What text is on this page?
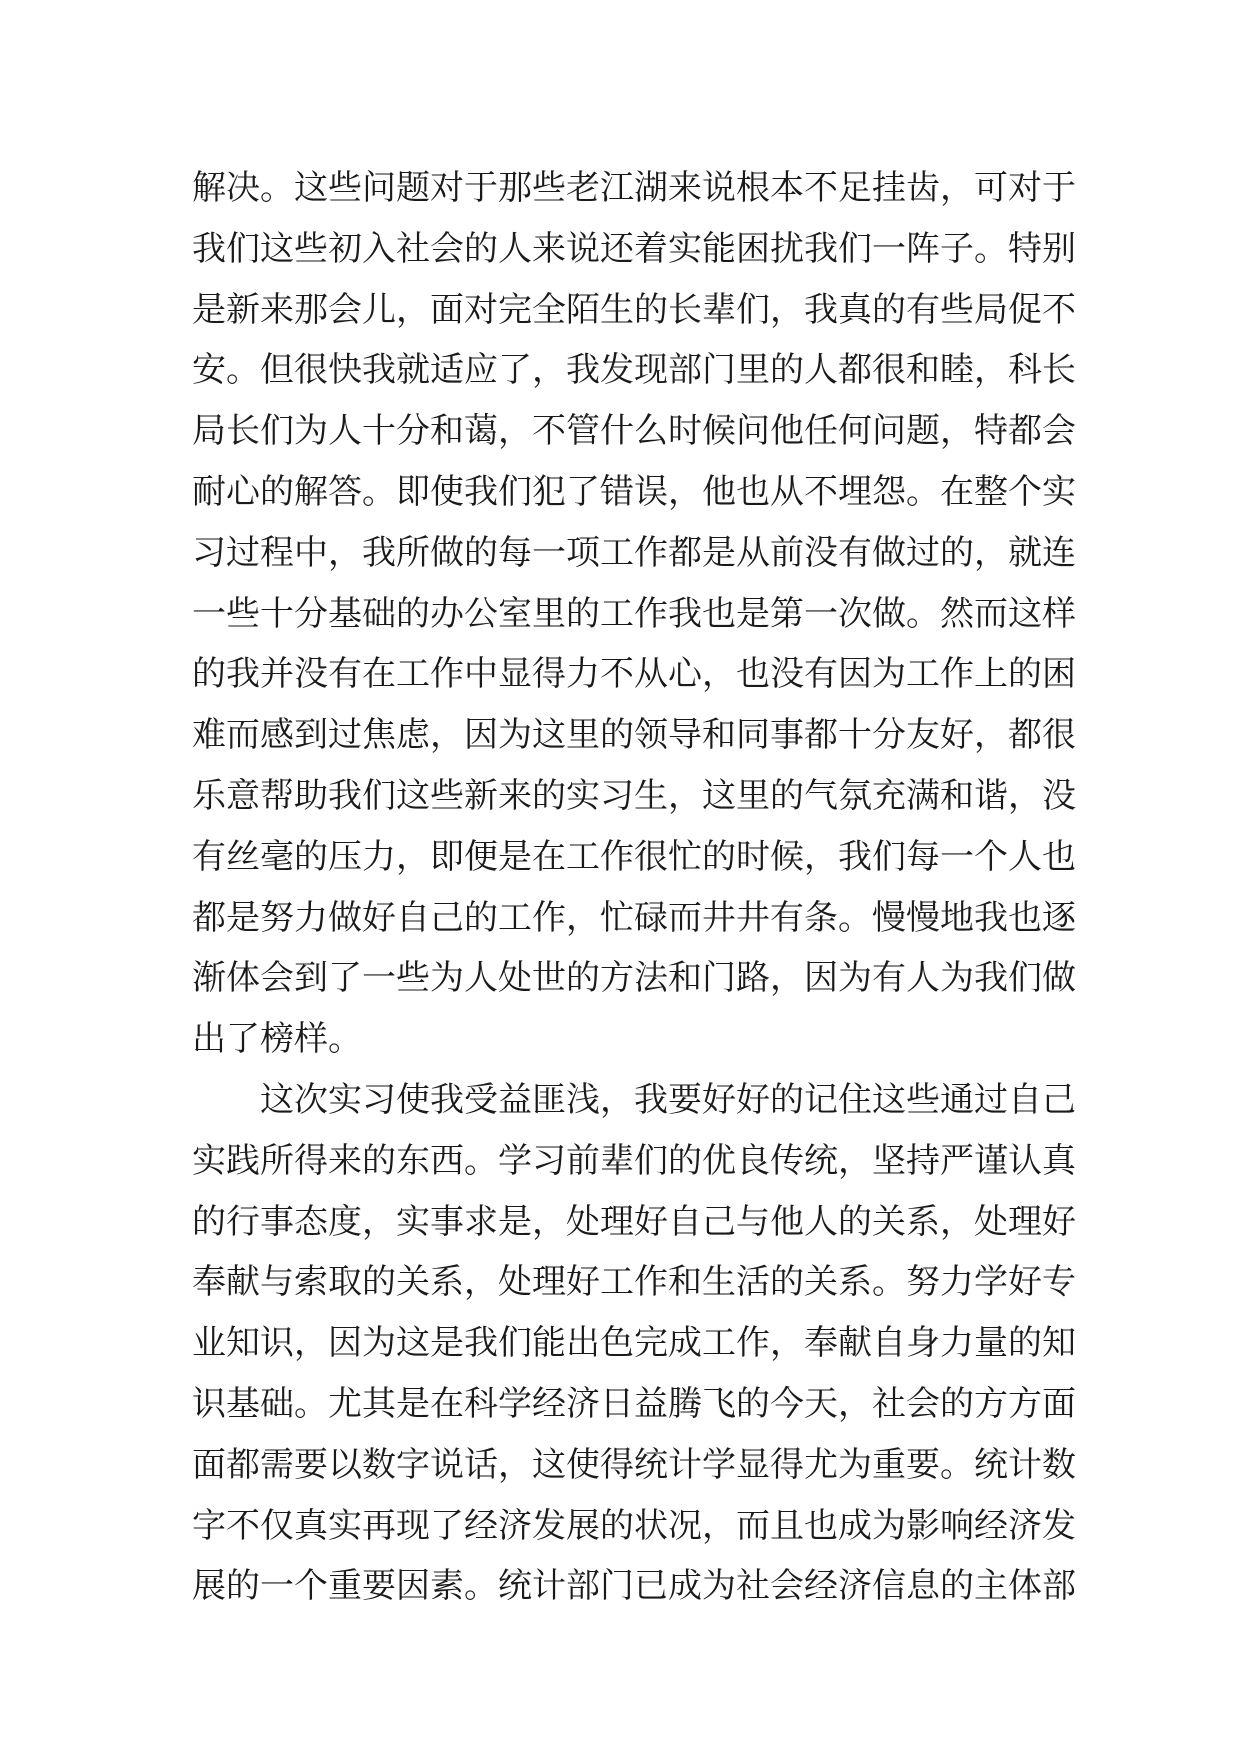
解决。这些问题对于那些老江湖来说根本不足挂齿，可对于
我们这些初入社会的人来说还着实能困扰我们一阵子。特别
是新来那会儿，面对完全陌生的长辈们，我真的有些局促不
安。但很快我就适应了，我发现部门里的人都很和睦，科长
局长们为人十分和蔼，不管什么时候问他任何问题，特都会
耐心的解答。即使我们犯了错误，他也从不埋怨。在整个实
习过程中，我所做的每一项工作都是从前没有做过的，就连
一些十分基础的办公室里的工作我也是第一次做。然而这样
的我并没有在工作中显得力不从心，也没有因为工作上的困
难而感到过焦虑，因为这里的领导和同事都十分友好，都很
乐意帮助我们这些新来的实习生，这里的气氛充满和谐，没
有丝毫的压力，即便是在工作很忙的时候，我们每一个人也
都是努力做好自己的工作，忙碌而井井有条。慢慢地我也逐
渐体会到了一些为人处世的方法和门路，因为有人为我们做
出了榜样。
这次实习使我受益匪浅，我要好好的记住这些通过自己
实践所得来的东西。学习前辈们的优良传统，坚持严谨认真
的行事态度，实事求是，处理好自己与他人的关系，处理好
奉献与索取的关系，处理好工作和生活的关系。努力学好专
业知识，因为这是我们能出色完成工作，奉献自身力量的知
识基础。尤其是在科学经济日益腾飞的今天，社会的方方面
面都需要以数字说话，这使得统计学显得尤为重要。统计数
字不仅真实再现了经济发展的状况，而且也成为影响经济发
展的一个重要因素。统计部门已成为社会经济信息的主体部
